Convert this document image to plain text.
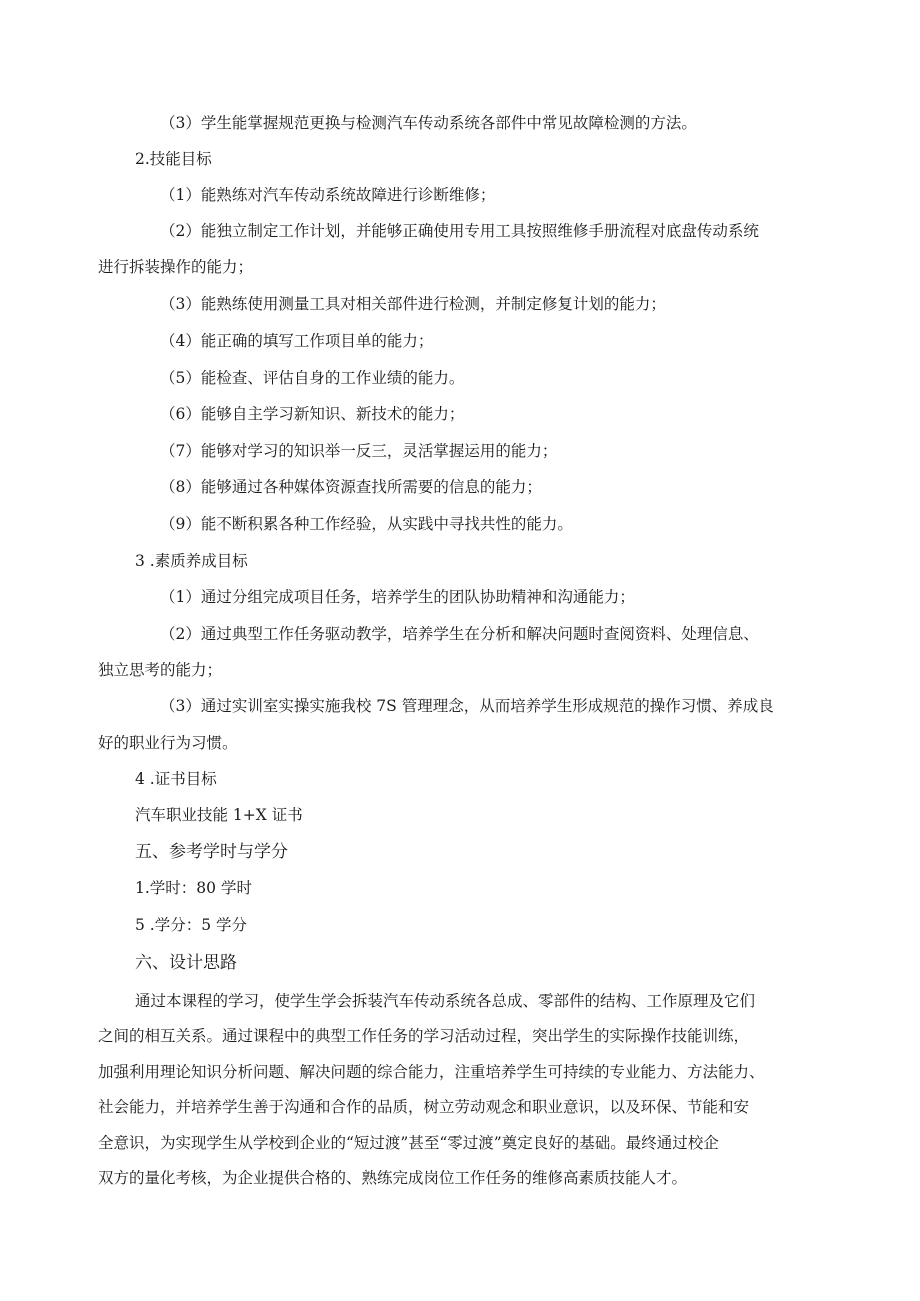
（3）学生能掌握规范更换与检测汽车传动系统各部件中常见故障检测的方法。
2.技能目标
（1）能熟练对汽车传动系统故障进行诊断维修；
（2）能独立制定工作计划，并能够正确使用专用工具按照维修手册流程对底盘传动系统
进行拆装操作的能力；
（3）能熟练使用测量工具对相关部件进行检测，并制定修复计划的能力；
（4）能正确的填写工作项目单的能力；
（5）能检查、评估自身的工作业绩的能力。
（6）能够自主学习新知识、新技术的能力；
（7）能够对学习的知识举一反三，灵活掌握运用的能力；
（8）能够通过各种媒体资源查找所需要的信息的能力；
（9）能不断积累各种工作经验，从实践中寻找共性的能力。
3 .素质养成目标
（1）通过分组完成项目任务，培养学生的团队协助精神和沟通能力；
（2）通过典型工作任务驱动教学，培养学生在分析和解决问题时查阅资料、处理信息、
独立思考的能力；
（3）通过实训室实操实施我校 7S 管理理念，从而培养学生形成规范的操作习惯、养成良
好的职业行为习惯。
4 .证书目标
汽车职业技能 1+X 证书
五、参考学时与学分
1.学时：80 学时
5 .学分：5 学分
六、设计思路
通过本课程的学习，使学生学会拆装汽车传动系统各总成、零部件的结构、工作原理及它们
之间的相互关系。通过课程中的典型工作任务的学习活动过程，突出学生的实际操作技能训练，
加强利用理论知识分析问题、解决问题的综合能力，注重培养学生可持续的专业能力、方法能力、
社会能力，并培养学生善于沟通和合作的品质，树立劳动观念和职业意识，以及环保、节能和安
全意识，为实现学生从学校到企业的“短过渡”甚至“零过渡”奠定良好的基础。最终通过校企
双方的量化考核，为企业提供合格的、熟练完成岗位工作任务的维修高素质技能人才。
